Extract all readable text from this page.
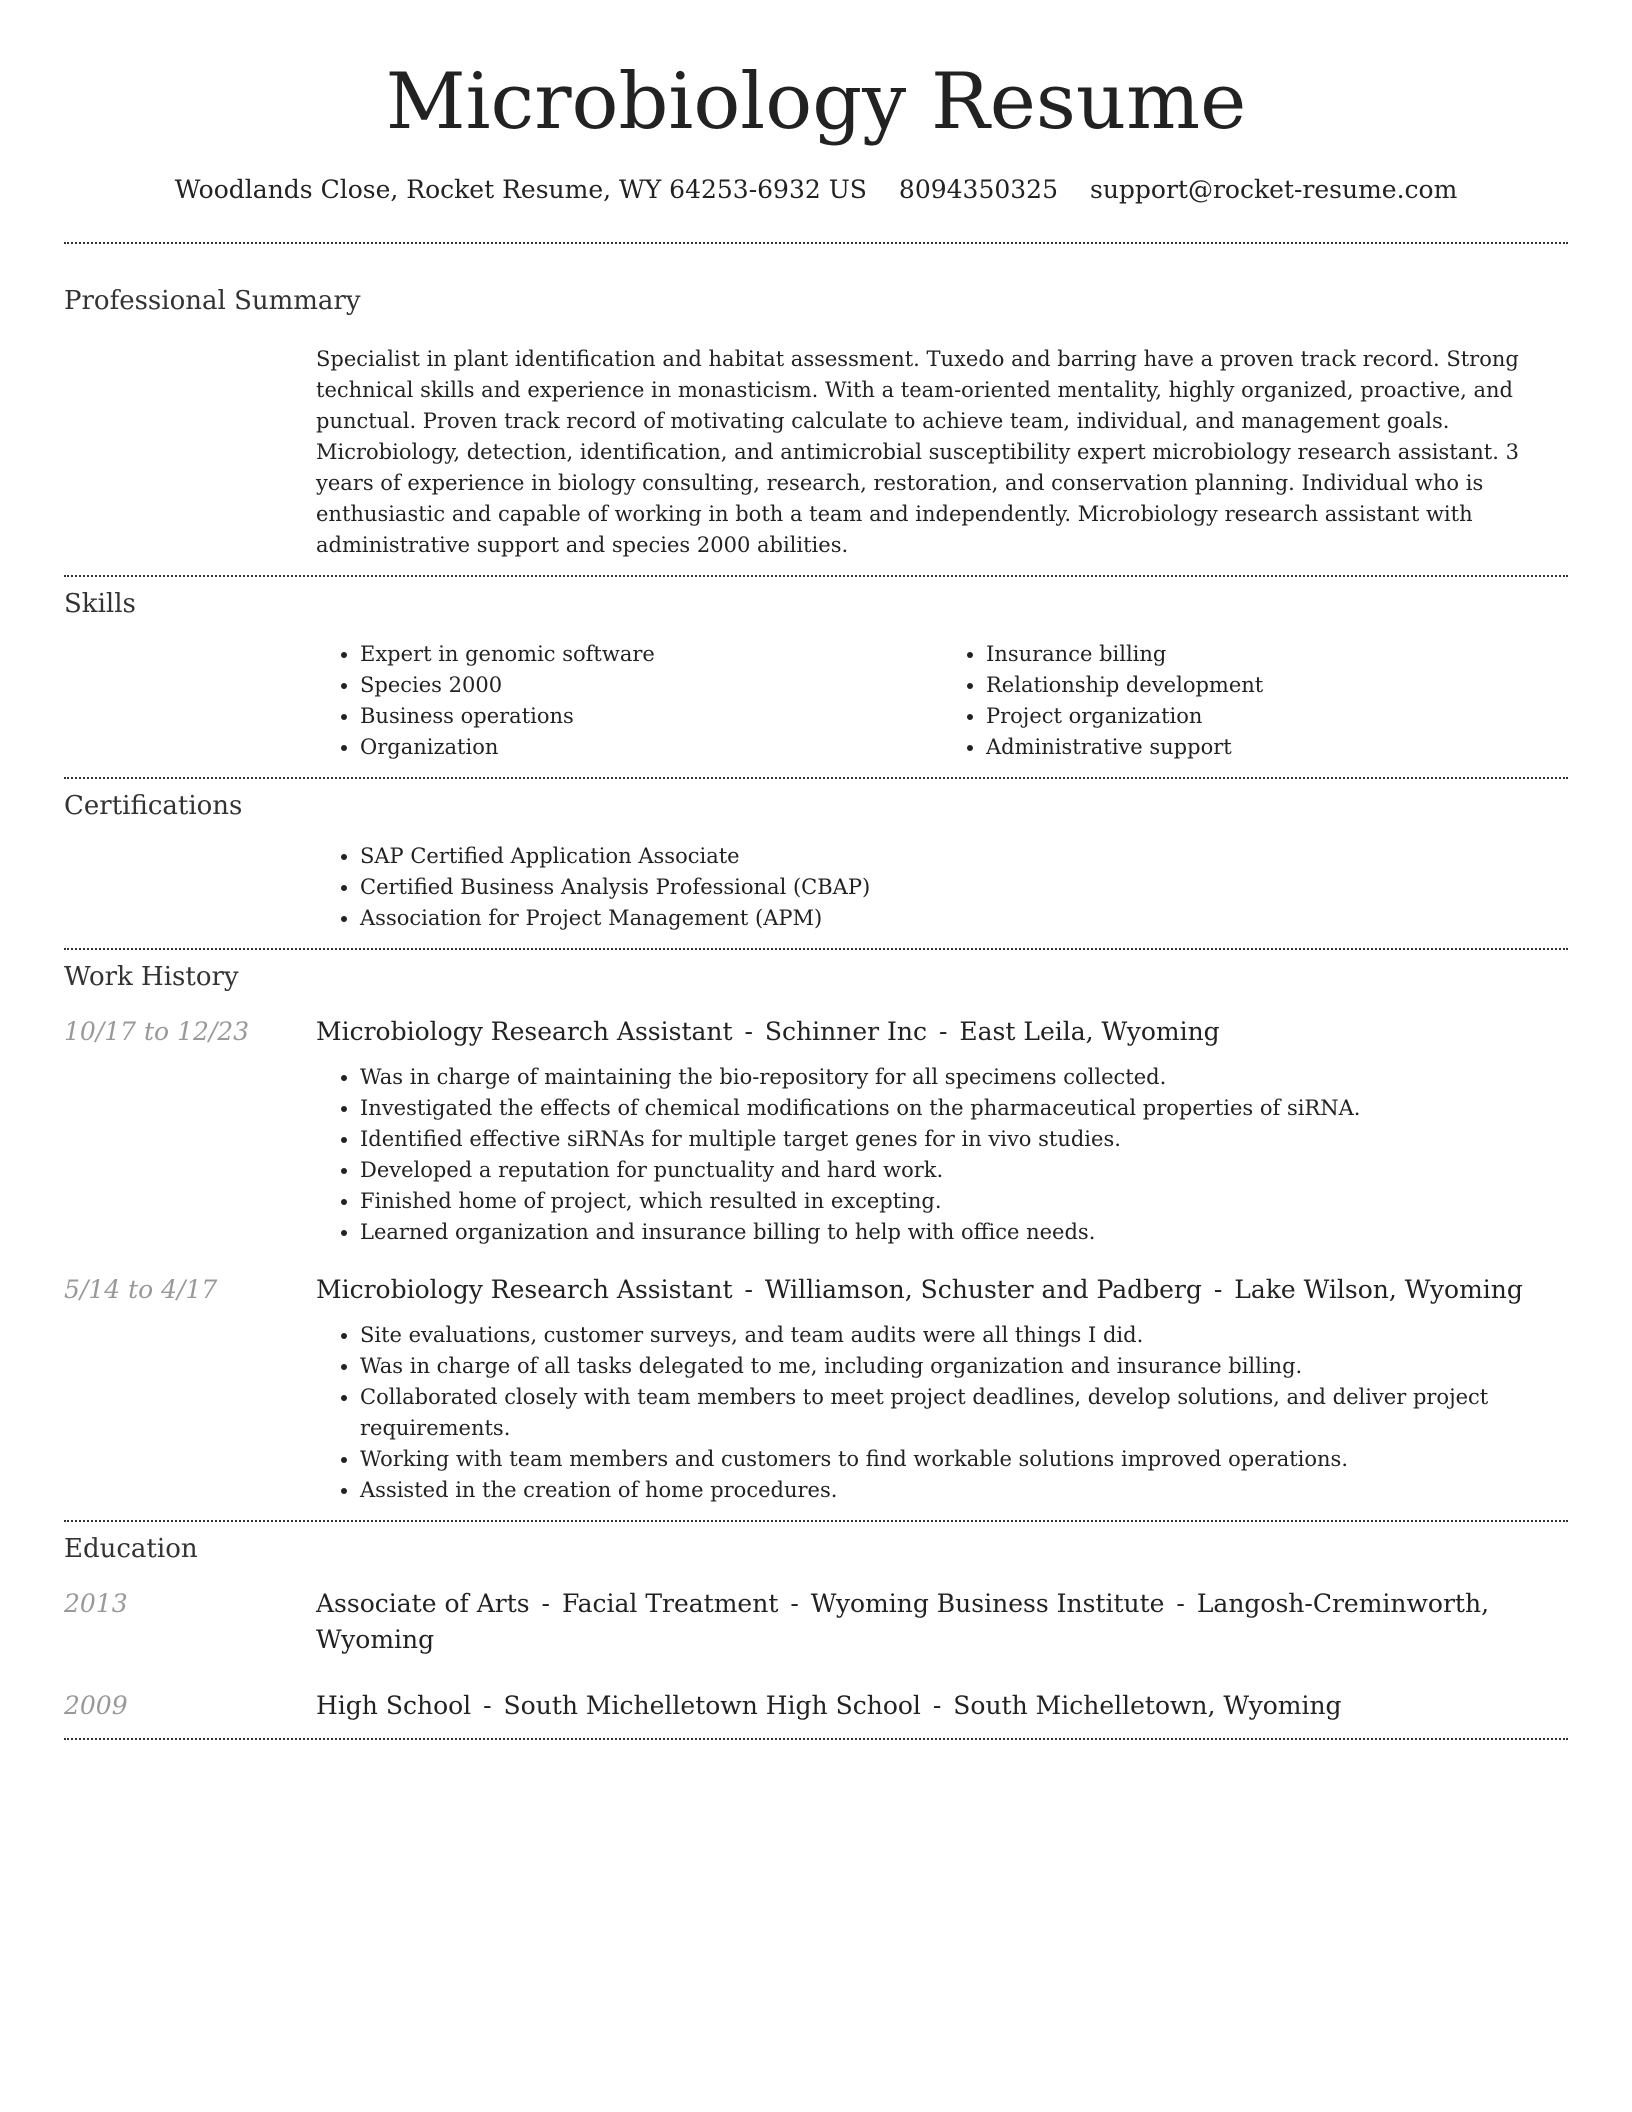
Microbiology Resume
Woodlands Close, Rocket Resume, WY 64253-6932 US 8094350325 support@rocket-resume.com
Professional Summary

Specialist in plant identification and habitat assessment. Tuxedo and barring have a proven track record. Strong technical skills and experience in monasticism. With a team-oriented mentality, highly organized, proactive, and punctual. Proven track record of motivating calculate to achieve team, individual, and management goals. Microbiology, detection, identification, and antimicrobial susceptibility expert microbiology research assistant. 3 years of experience in biology consulting, research, restoration, and conservation planning. Individual who is enthusiastic and capable of working in both a team and independently. Microbiology research assistant with administrative support and species 2000 abilities.

Skills
• Expert in genomic software
• Species 2000
• Business operations
• Organization
• Insurance billing
• Relationship development
• Project organization
• Administrative support
Certifications
• SAP Certified Application Associate
• Certified Business Analysis Professional (CBAP)
• Association for Project Management (APM)
Work History
10/17 to 12/23	Microbiology Research Assistant - Schinner Inc - East Leila, Wyoming
• Was in charge of maintaining the bio-repository for all specimens collected.
• Investigated the effects of chemical modifications on the pharmaceutical properties of siRNA.
• Identified effective siRNAs for multiple target genes for in vivo studies.
• Developed a reputation for punctuality and hard work.
• Finished home of project, which resulted in excepting.
• Learned organization and insurance billing to help with office needs.
5/14 to 4/17	Microbiology Research Assistant - Williamson, Schuster and Padberg - Lake Wilson, Wyoming
• Site evaluations, customer surveys, and team audits were all things I did.
• Was in charge of all tasks delegated to me, including organization and insurance billing.
• Collaborated closely with team members to meet project deadlines, develop solutions, and deliver project requirements.
• Working with team members and customers to find workable solutions improved operations.
• Assisted in the creation of home procedures.
Education
2013	Associate of Arts - Facial Treatment - Wyoming Business Institute - Langosh-Creminworth, Wyoming
2009	High School - South Michelletown High School - South Michelletown, Wyoming
